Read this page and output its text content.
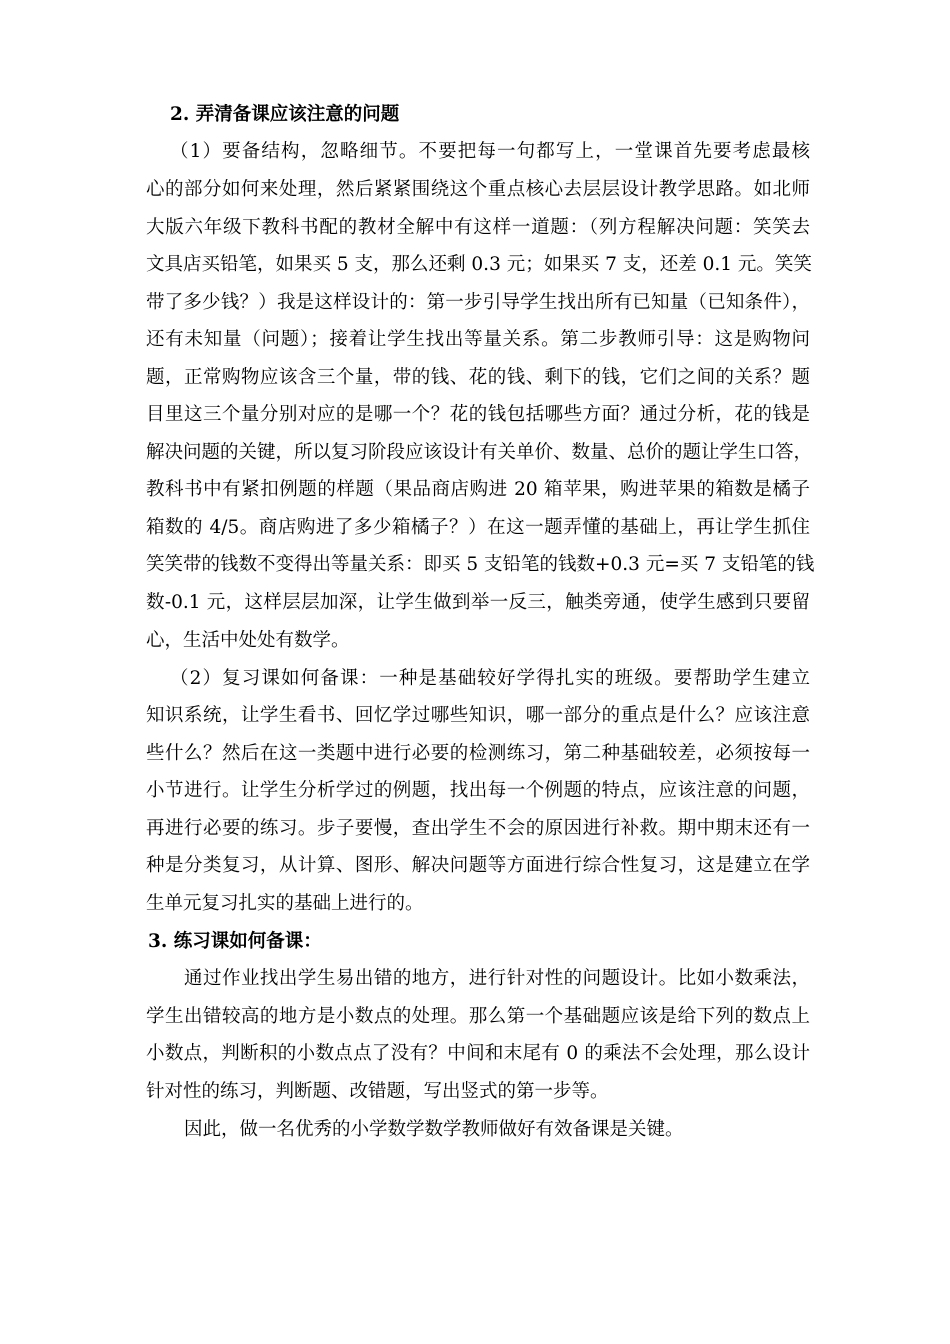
2. 弄清备课应该注意的问题
（1）要备结构，忽略细节。不要把每一句都写上，一堂课首先要考虑最核
心的部分如何来处理，然后紧紧围绕这个重点核心去层层设计教学思路。如北师
大版六年级下教科书配的教材全解中有这样一道题：（列方程解决问题：笑笑去
文具店买铅笔，如果买 5 支，那么还剩 0.3 元；如果买 7 支，还差 0.1 元。笑笑
带了多少钱？）我是这样设计的：第一步引导学生找出所有已知量（已知条件），
还有未知量（问题）；接着让学生找出等量关系。第二步教师引导：这是购物问
题，正常购物应该含三个量，带的钱、花的钱、剩下的钱，它们之间的关系？题
目里这三个量分别对应的是哪一个？花的钱包括哪些方面？通过分析，花的钱是
解决问题的关键，所以复习阶段应该设计有关单价、数量、总价的题让学生口答，
教科书中有紧扣例题的样题（果品商店购进 20 箱苹果，购进苹果的箱数是橘子
箱数的 4/5。商店购进了多少箱橘子？）在这一题弄懂的基础上，再让学生抓住
笑笑带的钱数不变得出等量关系：即买 5 支铅笔的钱数+0.3 元=买 7 支铅笔的钱
数-0.1 元，这样层层加深，让学生做到举一反三，触类旁通，使学生感到只要留
心，生活中处处有数学。
（2）复习课如何备课：一种是基础较好学得扎实的班级。要帮助学生建立
知识系统，让学生看书、回忆学过哪些知识，哪一部分的重点是什么？应该注意
些什么？然后在这一类题中进行必要的检测练习，第二种基础较差，必须按每一
小节进行。让学生分析学过的例题，找出每一个例题的特点，应该注意的问题，
再进行必要的练习。步子要慢，查出学生不会的原因进行补救。期中期末还有一
种是分类复习，从计算、图形、解决问题等方面进行综合性复习，这是建立在学
生单元复习扎实的基础上进行的。
3. 练习课如何备课：
通过作业找出学生易出错的地方，进行针对性的问题设计。比如小数乘法，
学生出错较高的地方是小数点的处理。那么第一个基础题应该是给下列的数点上
小数点，判断积的小数点点了没有？中间和末尾有 0 的乘法不会处理，那么设计
针对性的练习，判断题、改错题，写出竖式的第一步等。
因此，做一名优秀的小学数学数学教师做好有效备课是关键。
